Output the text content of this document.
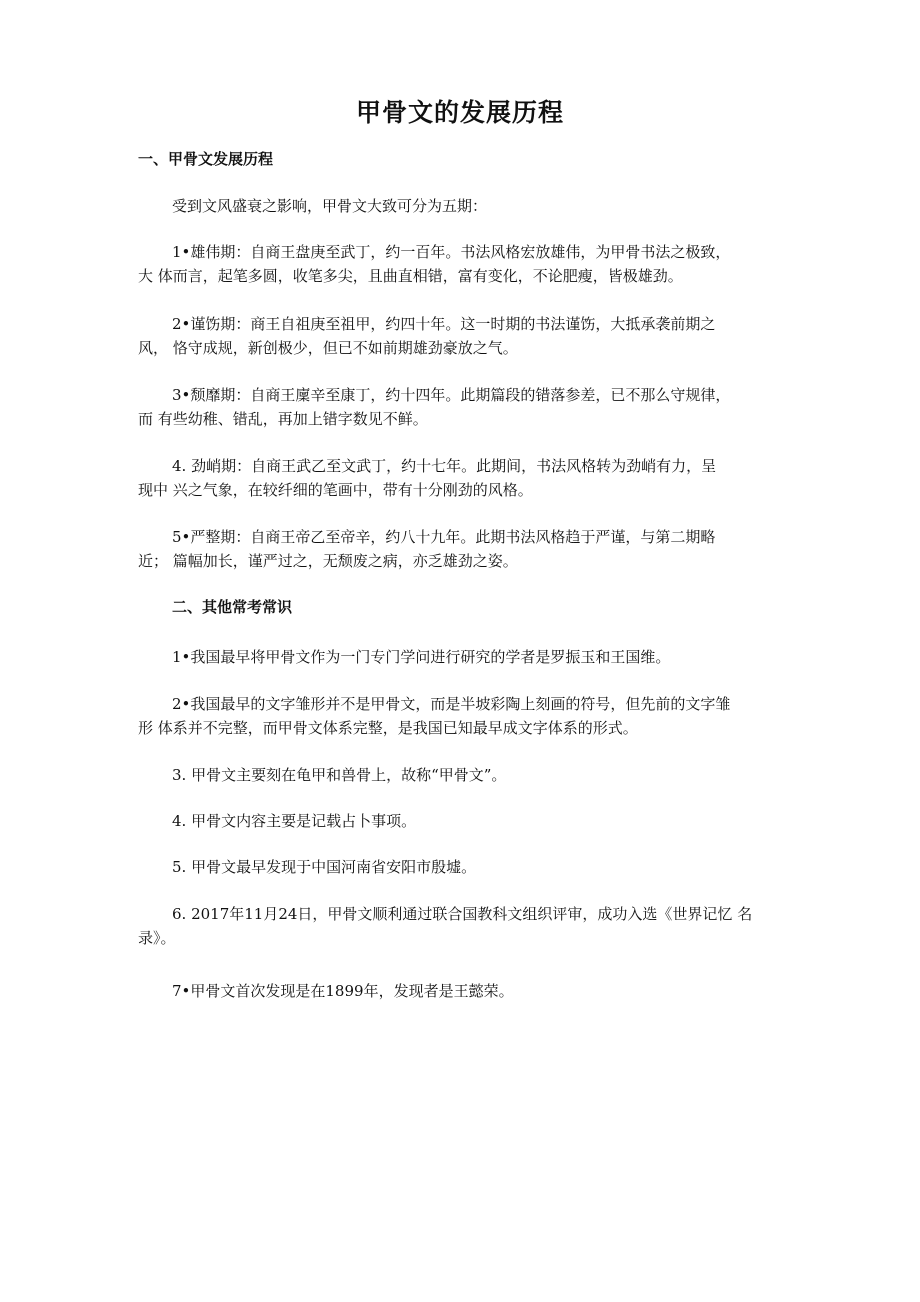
甲骨文的发展历程
一、甲骨文发展历程

受到文风盛衰之影响，甲骨文大致可分为五期：

1•雄伟期：自商王盘庚至武丁，约一百年。书法风格宏放雄伟，为甲骨书法之极致，
大 体而言，起笔多圆，收笔多尖，且曲直相错，富有变化，不论肥瘦，皆极雄劲。

2•谨饬期：商王自祖庚至祖甲，约四十年。这一时期的书法谨饬，大抵承袭前期之
风， 恪守成规，新创极少，但已不如前期雄劲豪放之气。

3•颓靡期：自商王廩辛至康丁，约十四年。此期篇段的错落参差，已不那么守规律，
而 有些幼稚、错乱，再加上错字数见不鲜。

4. 劲峭期：自商王武乙至文武丁，约十七年。此期间，书法风格转为劲峭有力，呈
现中 兴之气象，在较纤细的笔画中，带有十分刚劲的风格。

5•严整期：自商王帝乙至帝辛，约八十九年。此期书法风格趋于严谨，与第二期略
近； 篇幅加长，谨严过之，无颓废之病，亦乏雄劲之姿。

二、其他常考常识

1•我国最早将甲骨文作为一门专门学问进行研究的学者是罗振玉和王国维。

2•我国最早的文字雏形并不是甲骨文，而是半坡彩陶上刻画的符号，但先前的文字雏
形 体系并不完整，而甲骨文体系完整，是我国已知最早成文字体系的形式。

3. 甲骨文主要刻在龟甲和兽骨上，故称“甲骨文”。

4. 甲骨文内容主要是记载占卜事项。

5. 甲骨文最早发现于中国河南省安阳市殷墟。

6. 2017年11月24日，甲骨文顺利通过联合国教科文组织评审，成功入选《世界记忆 名
录》。

7•甲骨文首次发现是在1899年，发现者是王懿荣。
